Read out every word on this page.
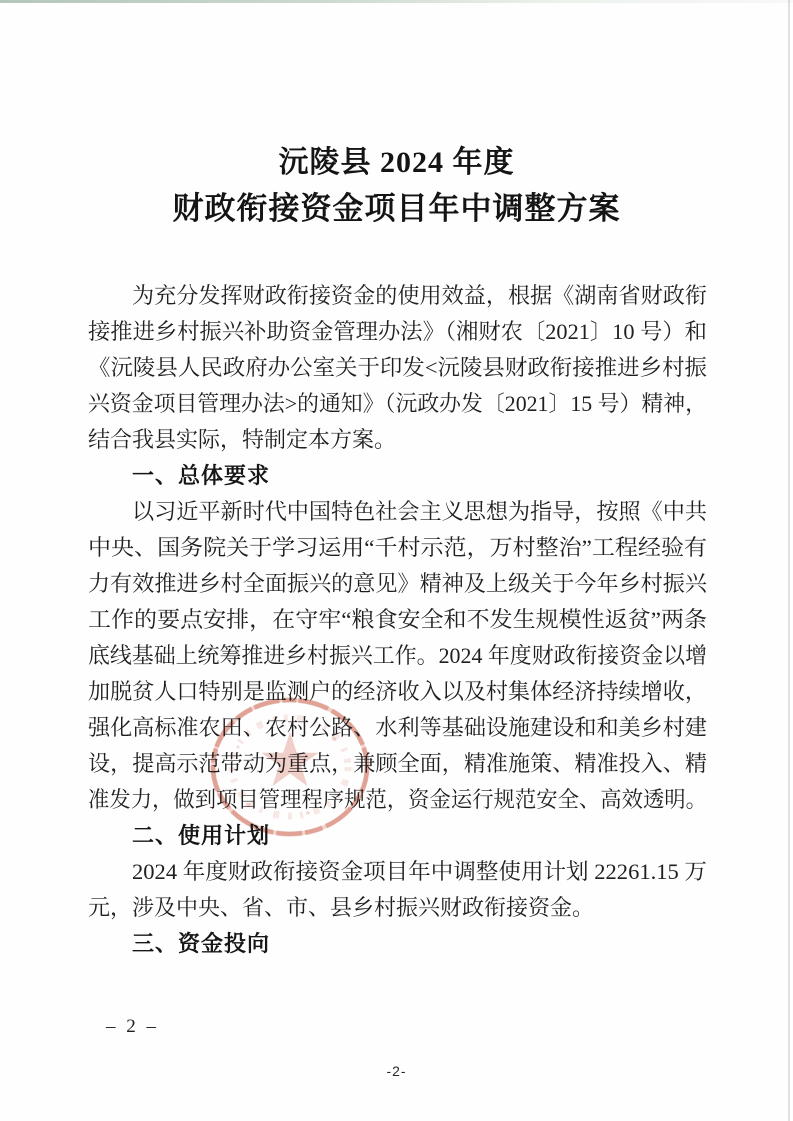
沅陵县 2024 年度
财政衔接资金项目年中调整方案
为充分发挥财政衔接资金的使用效益，根据《湖南省财政衔
接推进乡村振兴补助资金管理办法》（湘财农〔2021〕10 号）和
《沅陵县人民政府办公室关于印发<沅陵县财政衔接推进乡村振
兴资金项目管理办法>的通知》（沅政办发〔2021〕15 号）精神，
结合我县实际，特制定本方案。
一、总体要求
以习近平新时代中国特色社会主义思想为指导，按照《中共
中央、国务院关于学习运用“千村示范，万村整治”工程经验有
力有效推进乡村全面振兴的意见》精神及上级关于今年乡村振兴
工作的要点安排，在守牢“粮食安全和不发生规模性返贫”两条
底线基础上统筹推进乡村振兴工作。2024 年度财政衔接资金以增
加脱贫人口特别是监测户的经济收入以及村集体经济持续增收，
强化高标准农田、农村公路、水利等基础设施建设和和美乡村建
设，提高示范带动为重点，兼顾全面，精准施策、精准投入、精
准发力，做到项目管理程序规范，资金运行规范安全、高效透明。
二、使用计划
2024 年度财政衔接资金项目年中调整使用计划 22261.15 万
元，涉及中央、省、市、县乡村振兴财政衔接资金。
三、资金投向
– 2 –
-2-
